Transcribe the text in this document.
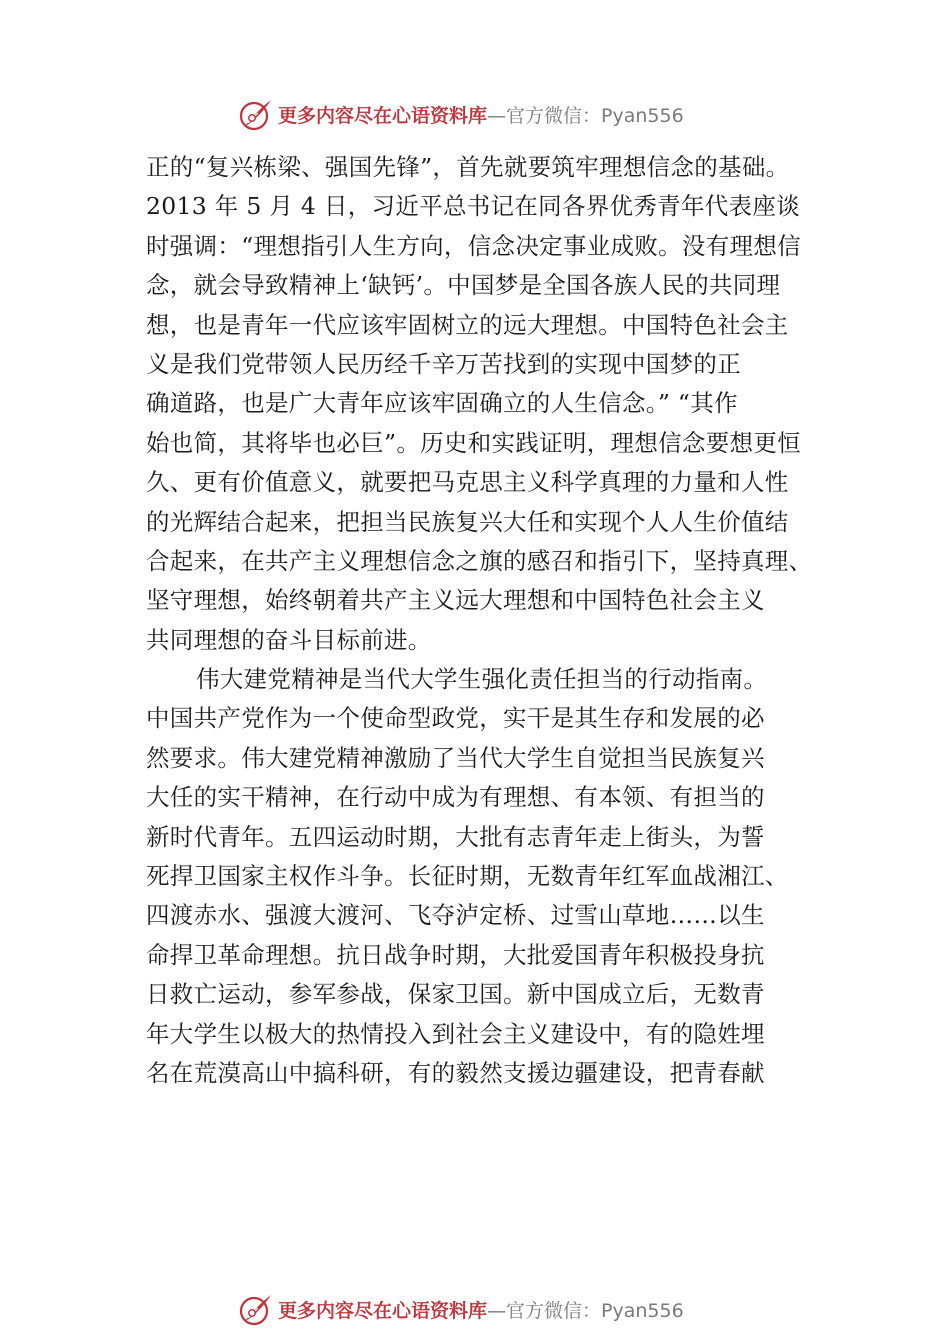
更多内容尽在心语资料库 —官方微信：Pyan556
正的“复兴栋梁、强国先锋”，首先就要筑牢理想信念的基础。
2013 年 5 月 4 日，习近平总书记在同各界优秀青年代表座谈
时强调：“理想指引人生方向，信念决定事业成败。没有理想信
念，就会导致精神上‘缺钙’。中国梦是全国各族人民的共同理
想，也是青年一代应该牢固树立的远大理想。中国特色社会主
义是我们党带领人民历经千辛万苦找到的实现中国梦的正
确道路，也是广大青年应该牢固确立的人生信念。” “其作
始也简，其将毕也必巨”。历史和实践证明，理想信念要想更恒
久、更有价值意义，就要把马克思主义科学真理的力量和人性
的光辉结合起来，把担当民族复兴大任和实现个人人生价值结
合起来，在共产主义理想信念之旗的感召和指引下，坚持真理、
坚守理想，始终朝着共产主义远大理想和中国特色社会主义
共同理想的奋斗目标前进。
伟大建党精神是当代大学生强化责任担当的行动指南。
中国共产党作为一个使命型政党，实干是其生存和发展的必
然要求。伟大建党精神激励了当代大学生自觉担当民族复兴
大任的实干精神，在行动中成为有理想、有本领、有担当的
新时代青年。五四运动时期，大批有志青年走上街头，为誓
死捍卫国家主权作斗争。长征时期，无数青年红军血战湘江、
四渡赤水、强渡大渡河、飞夺泸定桥、过雪山草地……以生
命捍卫革命理想。抗日战争时期，大批爱国青年积极投身抗
日救亡运动，参军参战，保家卫国。新中国成立后，无数青
年大学生以极大的热情投入到社会主义建设中，有的隐姓埋
名在荒漠高山中搞科研，有的毅然支援边疆建设，把青春献
更多内容尽在心语资料库 —官方微信：Pyan556
